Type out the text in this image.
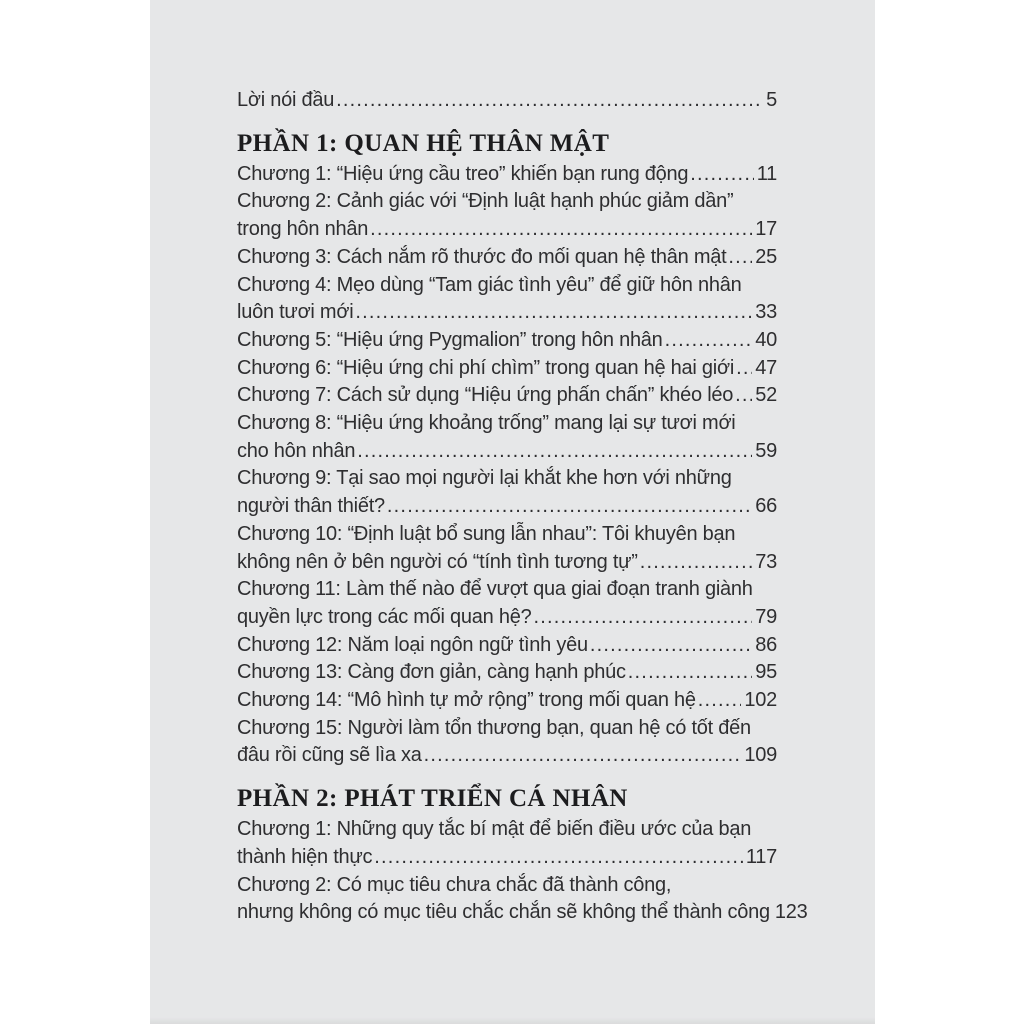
Lời nói đầu .....	5
PHẦN 1: QUAN HỆ THÂN MẬT
Chương 1: “Hiệu ứng cầu treo” khiến bạn rung động .....	11
Chương 2: Cảnh giác với “Định luật hạnh phúc giảm dần”
trong hôn nhân .....	17
Chương 3: Cách nắm rõ thước đo mối quan hệ thân mật ..... 25
Chương 4: Mẹo dùng “Tam giác tình yêu” để giữ hôn nhân
luôn tươi mới .....	33
Chương 5: “Hiệu ứng Pygmalion” trong hôn nhân .....	40
Chương 6: “Hiệu ứng chi phí chìm” trong quan hệ hai giới ..... 47
Chương 7: Cách sử dụng “Hiệu ứng phấn chấn” khéo léo ..... 52
Chương 8: “Hiệu ứng khoảng trống” mang lại sự tươi mới
cho hôn nhân .....	59
Chương 9: Tại sao mọi người lại khắt khe hơn với những
người thân thiết? .....	66
Chương 10: “Định luật bổ sung lẫn nhau”: Tôi khuyên bạn
không nên ở bên người có “tính tình tương tự” .....	73
Chương 11: Làm thế nào để vượt qua giai đoạn tranh giành
quyền lực trong các mối quan hệ? .....	79
Chương 12: Năm loại ngôn ngữ tình yêu .....	86
Chương 13: Càng đơn giản, càng hạnh phúc .....	95
Chương 14: “Mô hình tự mở rộng” trong mối quan hệ ..... 102
Chương 15: Người làm tổn thương bạn, quan hệ có tốt đến
đâu rồi cũng sẽ lìa xa .....	109
PHẦN 2: PHÁT TRIỂN CÁ NHÂN
Chương 1: Những quy tắc bí mật để biến điều ước của bạn
thành hiện thực .....	117
Chương 2: Có mục tiêu chưa chắc đã thành công,
nhưng không có mục tiêu chắc chắn sẽ không thể thành công 123
